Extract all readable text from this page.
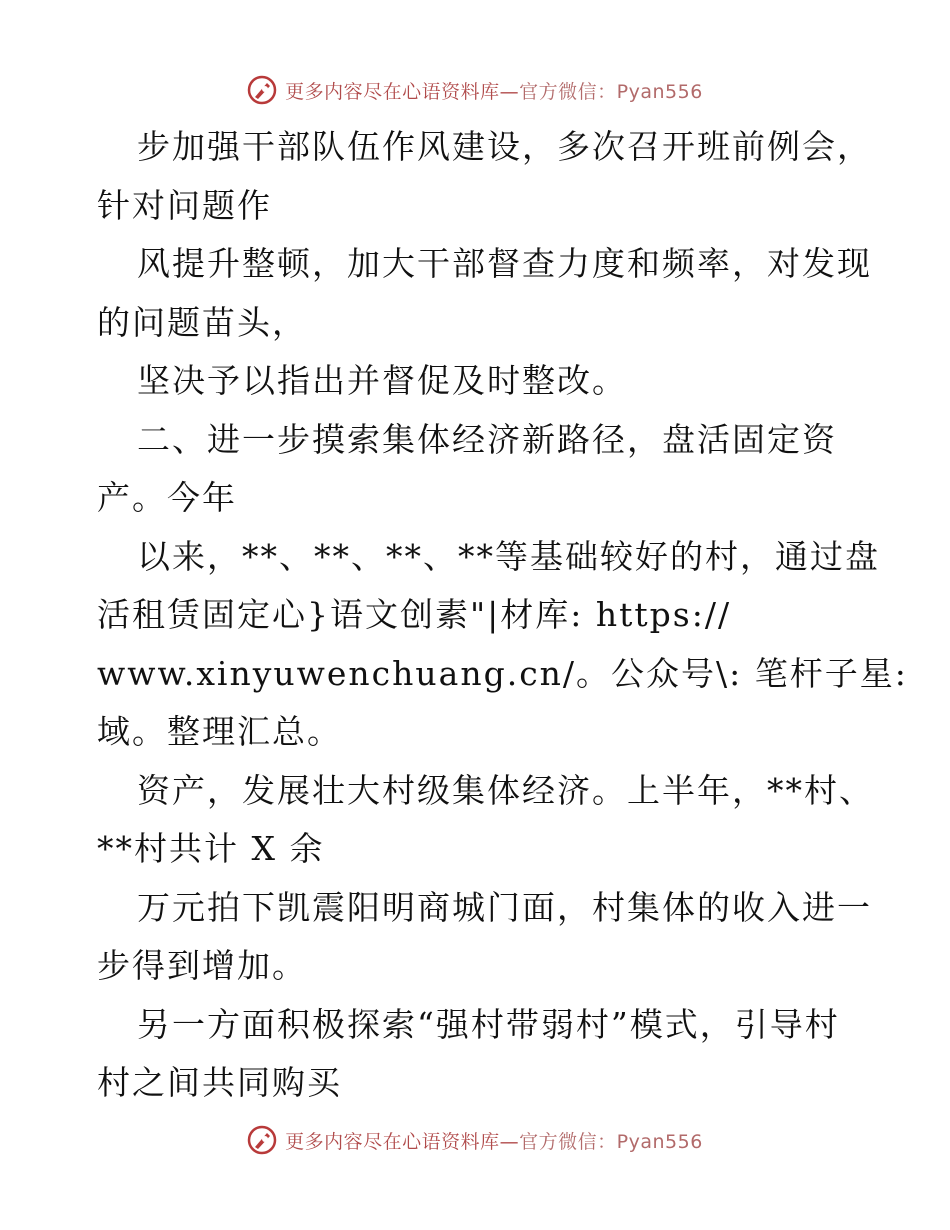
更多内容尽在心语资料库—官方微信：Pyan556
步加强干部队伍作风建设，多次召开班前例会，
针对问题作
风提升整顿，加大干部督查力度和频率，对发现
的问题苗头，
坚决予以指出并督促及时整改。
二、进一步摸索集体经济新路径，盘活固定资
产。今年
以来，**、**、**、**等基础较好的村，通过盘
活租赁固定心}语文创素"|材库: https://
www.xinyuwenchuang.cn/。公众号\: 笔杆子星:
域。整理汇总。
资产，发展壮大村级集体经济。上半年，**村、
**村共计 X 余
万元拍下凯震阳明商城门面，村集体的收入进一
步得到增加。
另一方面积极探索“强村带弱村”模式，引导村
村之间共同购买
更多内容尽在心语资料库—官方微信：Pyan556
